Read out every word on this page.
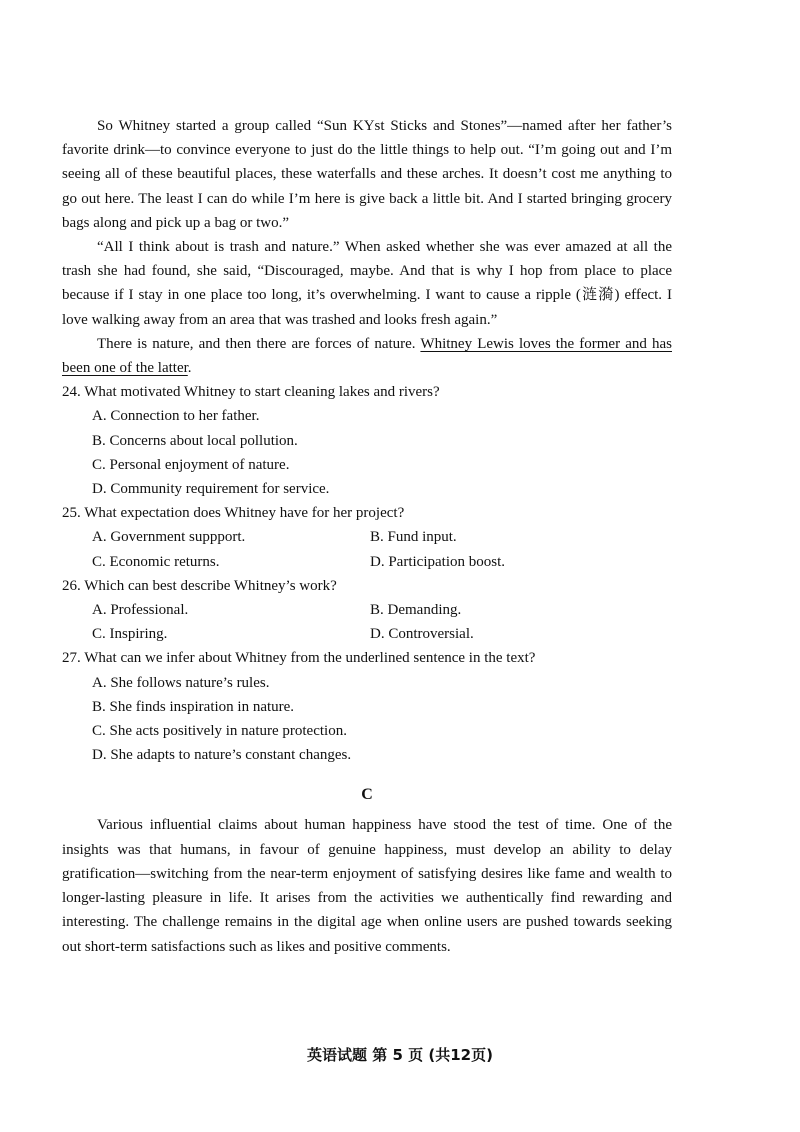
So Whitney started a group called “Sun KYst Sticks and Stones”—named after her father’s favorite drink—to convince everyone to just do the little things to help out. “I’m going out and I’m seeing all of these beautiful places, these waterfalls and these arches. It doesn’t cost me anything to go out here. The least I can do while I’m here is give back a little bit. And I started bringing grocery bags along and pick up a bag or two.”

“All I think about is trash and nature.” When asked whether she was ever amazed at all the trash she had found, she said, “Discouraged, maybe. And that is why I hop from place to place because if I stay in one place too long, it’s overwhelming. I want to cause a ripple (涟漪) effect. I love walking away from an area that was trashed and looks fresh again.”

There is nature, and then there are forces of nature. Whitney Lewis loves the former and has been one of the latter.

24. What motivated Whitney to start cleaning lakes and rivers?

A. Connection to her father.

B. Concerns about local pollution.

C. Personal enjoyment of nature.

D. Community requirement for service.

25. What expectation does Whitney have for her project?

A. Government suppport.	B. Fund input.
C. Economic returns.	D. Participation boost.

26. Which can best describe Whitney’s work?

A. Professional.	B. Demanding.
C. Inspiring.	D. Controversial.

27. What can we infer about Whitney from the underlined sentence in the text?

A. She follows nature’s rules.

B. She finds inspiration in nature.

C. She acts positively in nature protection.

D. She adapts to nature’s constant changes.

C

Various influential claims about human happiness have stood the test of time. One of the insights was that humans, in favour of genuine happiness, must develop an ability to delay gratification—switching from the near-term enjoyment of satisfying desires like fame and wealth to longer-lasting pleasure in life. It arises from the activities we authentically find rewarding and interesting. The challenge remains in the digital age when online users are pushed towards seeking out short-term satisfactions such as likes and positive comments.

英语试题 第 5 页 (共12页)
